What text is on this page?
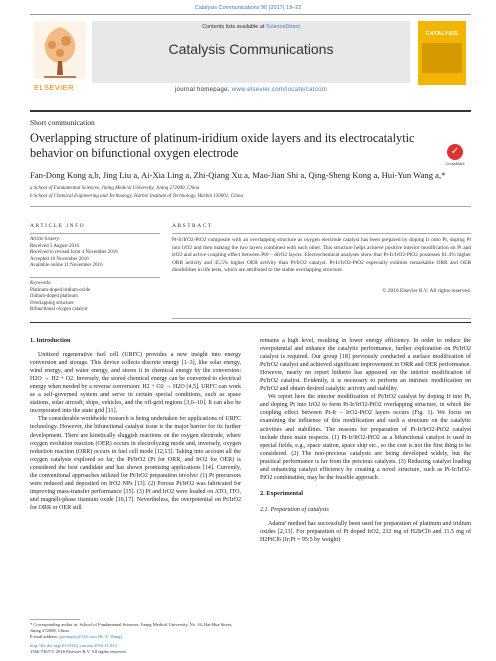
Catalysis Communications 90 (2017) 19–22
ELSEVIER
Contents lists available at ScienceDirect
Catalysis Communications
journal homepage: www.elsevier.com/locate/catcom
CATALYSIS
Short communication
Overlapping structure of platinum-iridium oxide layers and its electrocatalytic behavior on bifunctional oxygen electrode	✓
CrossMark
Fan-Dong Kong a,b, Jing Liu a, Ai-Xia Ling a, Zhi-Qiang Xu a, Mao-Jian Shi a, Qing-Sheng Kong a, Hui-Yun Wang a,*
a School of Fundamental Sciences, Jining Medical University, Jining 272000, China
b School of Chemical Engineering and Technology, Harbin Institute of Technology, Harbin 150001, China
ARTICLE INFO	ABSTRACT
Article history:
Received 5 August 2016
Received in revised form 4 November 2016
Accepted 10 November 2016
Available online 11 November 2016
Keywords:
Platinum-doped iridium oxide
Iridium-doped platinum
Overlapping structure
Bifunctional oxygen catalyst
Pt-Ir/IrO2-PtO2 composite with an overlapping structure as oxygen electrode catalyst has been prepared by doping Ir onto Pt, doping Pt into IrO2 and then making the two layers combined with each other. This structure helps achieve positive interior modification on Pt and IrO2 and active coupling effect between Pt0 – δIrO2 layers. Electrochemical analyses show that Pt-Ir/IrO2-PtO2 possesses 81.4% higher ORR activity and 45.5% higher OER activity than Pt/IrO2 catalyst. Pt-Ir/IrO2-PtO2 especially exhibits remarkable ORR and OER durabilities in life tests, which are attributed to the stable overlapping structure.
© 2016 Elsevier B.V. All rights reserved.

1. Introduction

Unitized regenerative fuel cell (URFC) provides a new insight into energy conversion and storage. This device collects discrete energy [1–3], like solar energy, wind energy, and water energy, and stores it in chemical energy by the conversion: H2O → H2 + O2. Inversely, the stored chemical energy can be converted to electrical energy when needed by a reverse conversion: H2 + O2 → H2O [4,5]. URFC can work as a self-governed system and serve in certain special conditions, such as space stations, solar aircraft, ships, vehicles, and the off-grid regions [3,6–10]. It can also be incorporated into the state grid [11].

The considerable worldwide research is being undertaken for applications of URFC technology. However, the bifunctional catalyst issue is the major barrier for its further development. There are kinetically sluggish reactions on the oxygen electrode, where oxygen evolution reaction (OER) occurs in electrolyzing mode and, inversely, oxygen reduction reaction (ORR) occurs in fuel cell mode [12,13]. Taking into account all the oxygen catalysts explored so far, the Pt/IrO2 (Pt for ORR, and IrO2 for OER) is considered the best candidate and has shown promising applications [14]. Currently, the conventional approaches utilized for Pt/IrO2 preparation involve: (1) Pt precursors were reduced and deposited on IrO2 NPs [13]. (2) Porous Pt/IrO2 was fabricated for improving mass-transfer performance [15]. (3) Pt and IrO2 were loaded on ATO, ITO, and magnéli-phase titanium oxide [16,17]. Nevertheless, the overpotential on Pt/IrO2 for ORR or OER still

remains a high level, resulting in lower energy efficiency. In order to reduce the overpotential and enhance the catalytic performance, further exploration on Pt/IrO2 catalyst is required. Our group [18] previously conducted a surface modification of Pt/IrO2 catalyst and achieved significant improvement in ORR and OER performance. However, nearly no report hitherto has appeared on the interior modification of Pt/IrO2 catalyst. Evidently, it is necessary to perform an intrinsic modification on Pt/IrO2 and obtain desired catalytic activity and stability.

We report here the interior modification of Pt/IrO2 catalyst by doping Ir into Pt, and doping Pt into IrO2 to form Pt-Ir/IrO2-PtO2 overlapping structure, in which the coupling effect between Pt-Ir – IrO2-PtO2 layers occurs (Fig. 1). We focus on examining the influence of this modification and such a structure on the catalytic activities and stabilities. The reasons for preparation of Pt-Ir/IrO2-PtO2 catalyst include three main respects. (1) Pt-Ir/IrO2-PtO2 as a bifunctional catalyst is used in special fields, e.g., space station, space ship etc., so the cost is not the first thing to be considered. (2) The non-precious catalysts are being developed widely, but the practical performance is far from the precious catalysts. (3) Reducing catalyst loading and enhancing catalyst efficiency by creating a novel structure, such as Pt-Ir/IrO2-PtO2 combination, may be the feasible approach.

2. Experimental

2.1. Preparation of catalysts

Adams' method has successfully been used for preparation of platinum and iridium oxides [2,13]. For preparation of Pt doped IrO2, 232 mg of H2IrCl6 and 11.5 mg of H2PtCl6 (Ir:Pt = 95:5 by weight)

* Corresponding author at: School of Fundamental Sciences, Jining Medical University, No. 16, Hai-Hua Street, Jining 272000, China.
E-mail address: jpwanghy@126.com (H.-Y. Wang).
http://dx.doi.org/10.1016/j.catcom.2016.11.012
1566-7367/© 2016 Elsevier B.V. All rights reserved.
